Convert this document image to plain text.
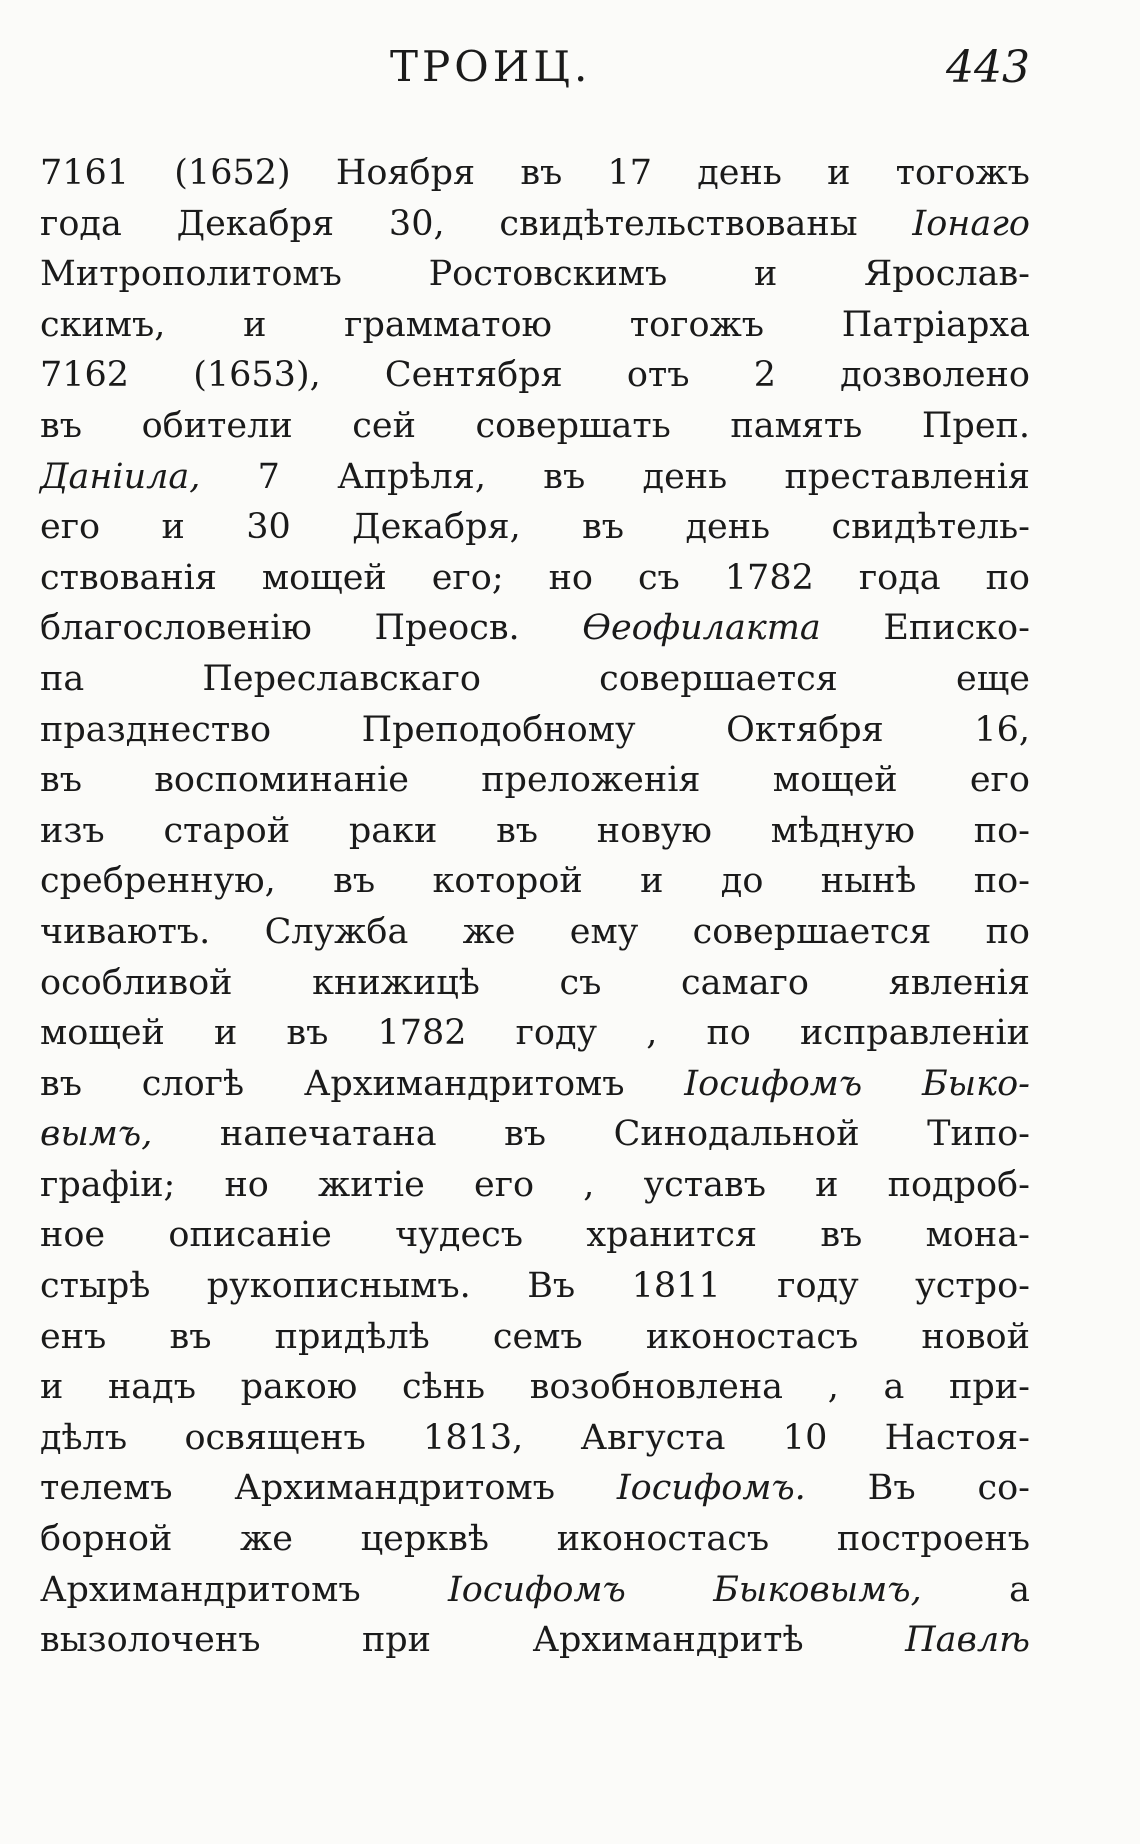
ТРОИЦ.	443
7161 (1652) Ноября въ 17 день и тогожъ
года Декабря 30, свидѣтельствованы Іонаго
Митрополитомъ Ростовскимъ и Ярослав-
скимъ, и грамматою тогожъ Патріарха
7162 (1653), Сентября отъ 2 дозволено
въ обители сей совершать память Преп.
Даніила, 7 Апрѣля, въ день преставленія
его и 30 Декабря, въ день свидѣтель-
ствованія мощей его; но съ 1782 года по
благословенію Преосв. Ѳеофилакта Еписко-
па	Переславскаго	совершается	еще
празднество	Преподобному	Октября	16,
въ воспоминаніе преложенія мощей его
изъ старой раки въ новую мѣдную по-
сребренную, въ которой и до нынѣ по-
чиваютъ. Служба же ему совершается по
особливой книжицѣ съ самаго явленія
мощей и въ 1782 году , по исправленіи
въ слогѣ Архимандритомъ Іосифомъ Быко-
вымъ, напечатана въ Синодальной Типо-
графіи; но житіе его , уставъ и подроб-
ное описаніе чудесъ хранится въ мона-
стырѣ рукописнымъ. Въ 1811 году устро-
енъ въ придѣлѣ семъ иконостасъ новой
и надъ ракою сѣнь возобновлена , а при-
дѣлъ освященъ 1813, Августа 10 Настоя-
телемъ Архимандритомъ Іосифомъ. Въ со-
борной же церквѣ иконостасъ построенъ
Архимандритомъ Іосифомъ Быковымъ, а
вызолоченъ	при	Архимандритѣ	Павлѣ
